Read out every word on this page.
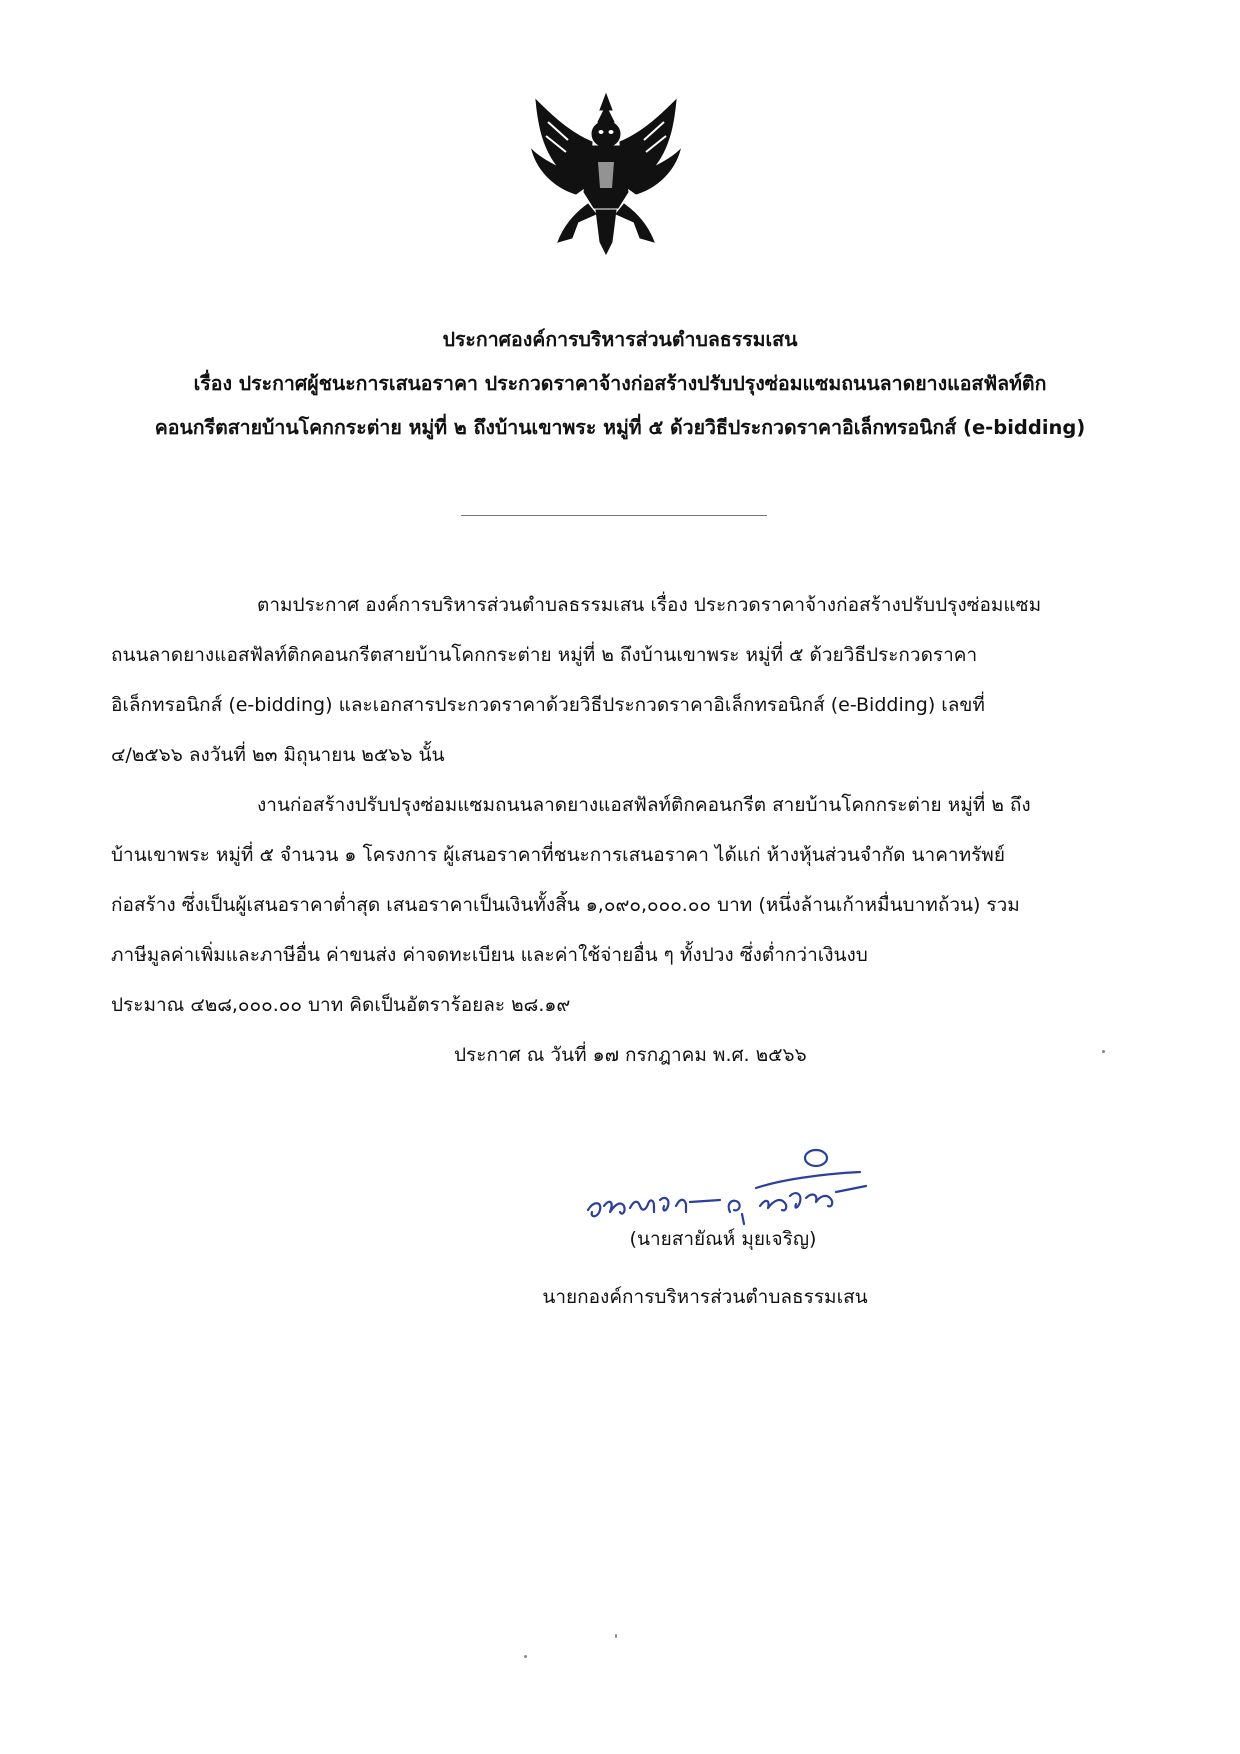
ประกาศองค์การบริหารส่วนตำบลธรรมเสน
เรื่อง ประกาศผู้ชนะการเสนอราคา ประกวดราคาจ้างก่อสร้างปรับปรุงซ่อมแซมถนนลาดยางแอสฟัลท์ติก
คอนกรีตสายบ้านโคกกระต่าย หมู่ที่ ๒ ถึงบ้านเขาพระ หมู่ที่ ๕ ด้วยวิธีประกวดราคาอิเล็กทรอนิกส์ (e-bidding)
ตามประกาศ องค์การบริหารส่วนตำบลธรรมเสน เรื่อง ประกวดราคาจ้างก่อสร้างปรับปรุงซ่อมแซม
ถนนลาดยางแอสฟัลท์ติกคอนกรีตสายบ้านโคกกระต่าย หมู่ที่ ๒ ถึงบ้านเขาพระ หมู่ที่ ๕ ด้วยวิธีประกวดราคา
อิเล็กทรอนิกส์ (e-bidding) และเอกสารประกวดราคาด้วยวิธีประกวดราคาอิเล็กทรอนิกส์ (e-Bidding) เลขที่
๔/๒๕๖๖ ลงวันที่ ๒๓ มิถุนายน ๒๕๖๖ นั้น
งานก่อสร้างปรับปรุงซ่อมแซมถนนลาดยางแอสฟัลท์ติกคอนกรีต สายบ้านโคกกระต่าย หมู่ที่ ๒ ถึง
บ้านเขาพระ หมู่ที่ ๕ จำนวน ๑ โครงการ ผู้เสนอราคาที่ชนะการเสนอราคา ได้แก่ ห้างหุ้นส่วนจำกัด นาคาทรัพย์
ก่อสร้าง ซึ่งเป็นผู้เสนอราคาต่ำสุด เสนอราคาเป็นเงินทั้งสิ้น ๑,๐๙๐,๐๐๐.๐๐ บาท (หนึ่งล้านเก้าหมื่นบาทถ้วน) รวม
ภาษีมูลค่าเพิ่มและภาษีอื่น ค่าขนส่ง ค่าจดทะเบียน และค่าใช้จ่ายอื่น ๆ ทั้งปวง ซึ่งต่ำกว่าเงินงบ
ประมาณ ๔๒๘,๐๐๐.๐๐ บาท คิดเป็นอัตราร้อยละ ๒๘.๑๙
ประกาศ ณ วันที่ ๑๗ กรกฎาคม พ.ศ. ๒๕๖๖
(นายสายัณห์ มุยเจริญ)
นายกองค์การบริหารส่วนตำบลธรรมเสน
